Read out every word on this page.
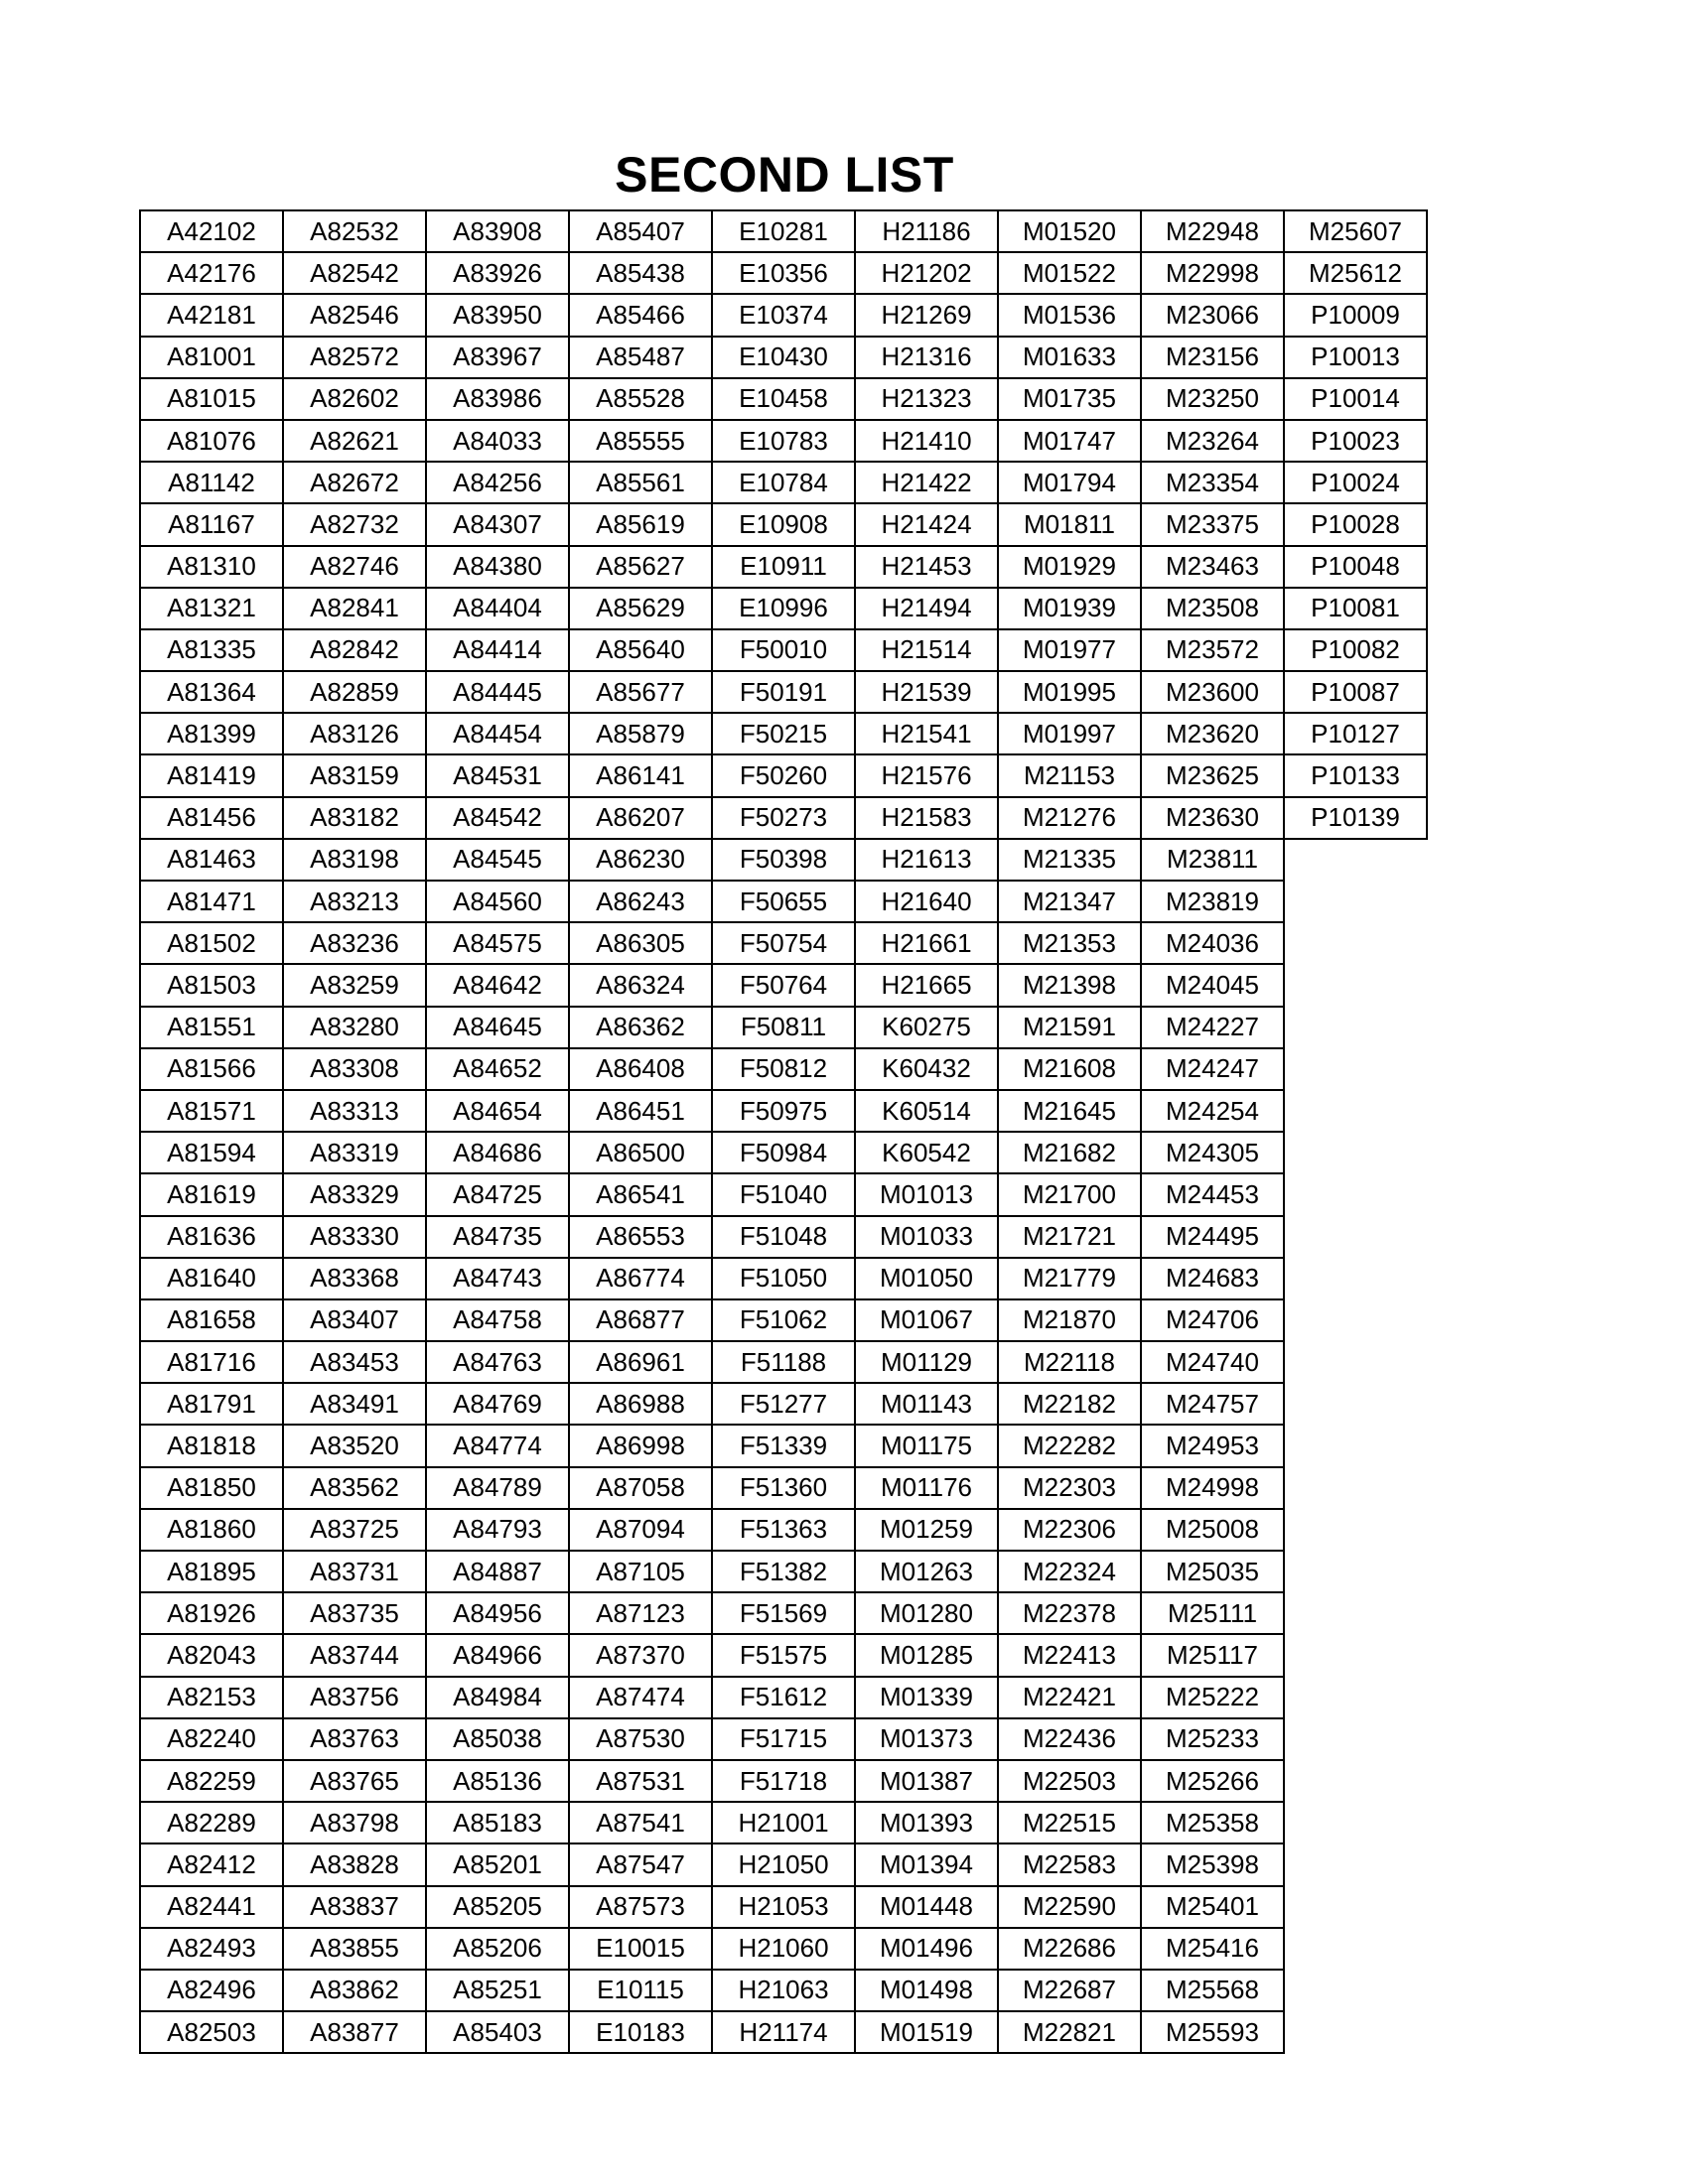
SECOND LIST
A42102	A82532	A83908	A85407	E10281	H21186	M01520	M22948	M25607
A42176	A82542	A83926	A85438	E10356	H21202	M01522	M22998	M25612
A42181	A82546	A83950	A85466	E10374	H21269	M01536	M23066	P10009
A81001	A82572	A83967	A85487	E10430	H21316	M01633	M23156	P10013
A81015	A82602	A83986	A85528	E10458	H21323	M01735	M23250	P10014
A81076	A82621	A84033	A85555	E10783	H21410	M01747	M23264	P10023
A81142	A82672	A84256	A85561	E10784	H21422	M01794	M23354	P10024
A81167	A82732	A84307	A85619	E10908	H21424	M01811	M23375	P10028
A81310	A82746	A84380	A85627	E10911	H21453	M01929	M23463	P10048
A81321	A82841	A84404	A85629	E10996	H21494	M01939	M23508	P10081
A81335	A82842	A84414	A85640	F50010	H21514	M01977	M23572	P10082
A81364	A82859	A84445	A85677	F50191	H21539	M01995	M23600	P10087
A81399	A83126	A84454	A85879	F50215	H21541	M01997	M23620	P10127
A81419	A83159	A84531	A86141	F50260	H21576	M21153	M23625	P10133
A81456	A83182	A84542	A86207	F50273	H21583	M21276	M23630	P10139
A81463	A83198	A84545	A86230	F50398	H21613	M21335	M23811	
A81471	A83213	A84560	A86243	F50655	H21640	M21347	M23819	
A81502	A83236	A84575	A86305	F50754	H21661	M21353	M24036	
A81503	A83259	A84642	A86324	F50764	H21665	M21398	M24045	
A81551	A83280	A84645	A86362	F50811	K60275	M21591	M24227	
A81566	A83308	A84652	A86408	F50812	K60432	M21608	M24247	
A81571	A83313	A84654	A86451	F50975	K60514	M21645	M24254	
A81594	A83319	A84686	A86500	F50984	K60542	M21682	M24305	
A81619	A83329	A84725	A86541	F51040	M01013	M21700	M24453	
A81636	A83330	A84735	A86553	F51048	M01033	M21721	M24495	
A81640	A83368	A84743	A86774	F51050	M01050	M21779	M24683	
A81658	A83407	A84758	A86877	F51062	M01067	M21870	M24706	
A81716	A83453	A84763	A86961	F51188	M01129	M22118	M24740	
A81791	A83491	A84769	A86988	F51277	M01143	M22182	M24757	
A81818	A83520	A84774	A86998	F51339	M01175	M22282	M24953	
A81850	A83562	A84789	A87058	F51360	M01176	M22303	M24998	
A81860	A83725	A84793	A87094	F51363	M01259	M22306	M25008	
A81895	A83731	A84887	A87105	F51382	M01263	M22324	M25035	
A81926	A83735	A84956	A87123	F51569	M01280	M22378	M25111	
A82043	A83744	A84966	A87370	F51575	M01285	M22413	M25117	
A82153	A83756	A84984	A87474	F51612	M01339	M22421	M25222	
A82240	A83763	A85038	A87530	F51715	M01373	M22436	M25233	
A82259	A83765	A85136	A87531	F51718	M01387	M22503	M25266	
A82289	A83798	A85183	A87541	H21001	M01393	M22515	M25358	
A82412	A83828	A85201	A87547	H21050	M01394	M22583	M25398	
A82441	A83837	A85205	A87573	H21053	M01448	M22590	M25401	
A82493	A83855	A85206	E10015	H21060	M01496	M22686	M25416	
A82496	A83862	A85251	E10115	H21063	M01498	M22687	M25568	
A82503	A83877	A85403	E10183	H21174	M01519	M22821	M25593	
